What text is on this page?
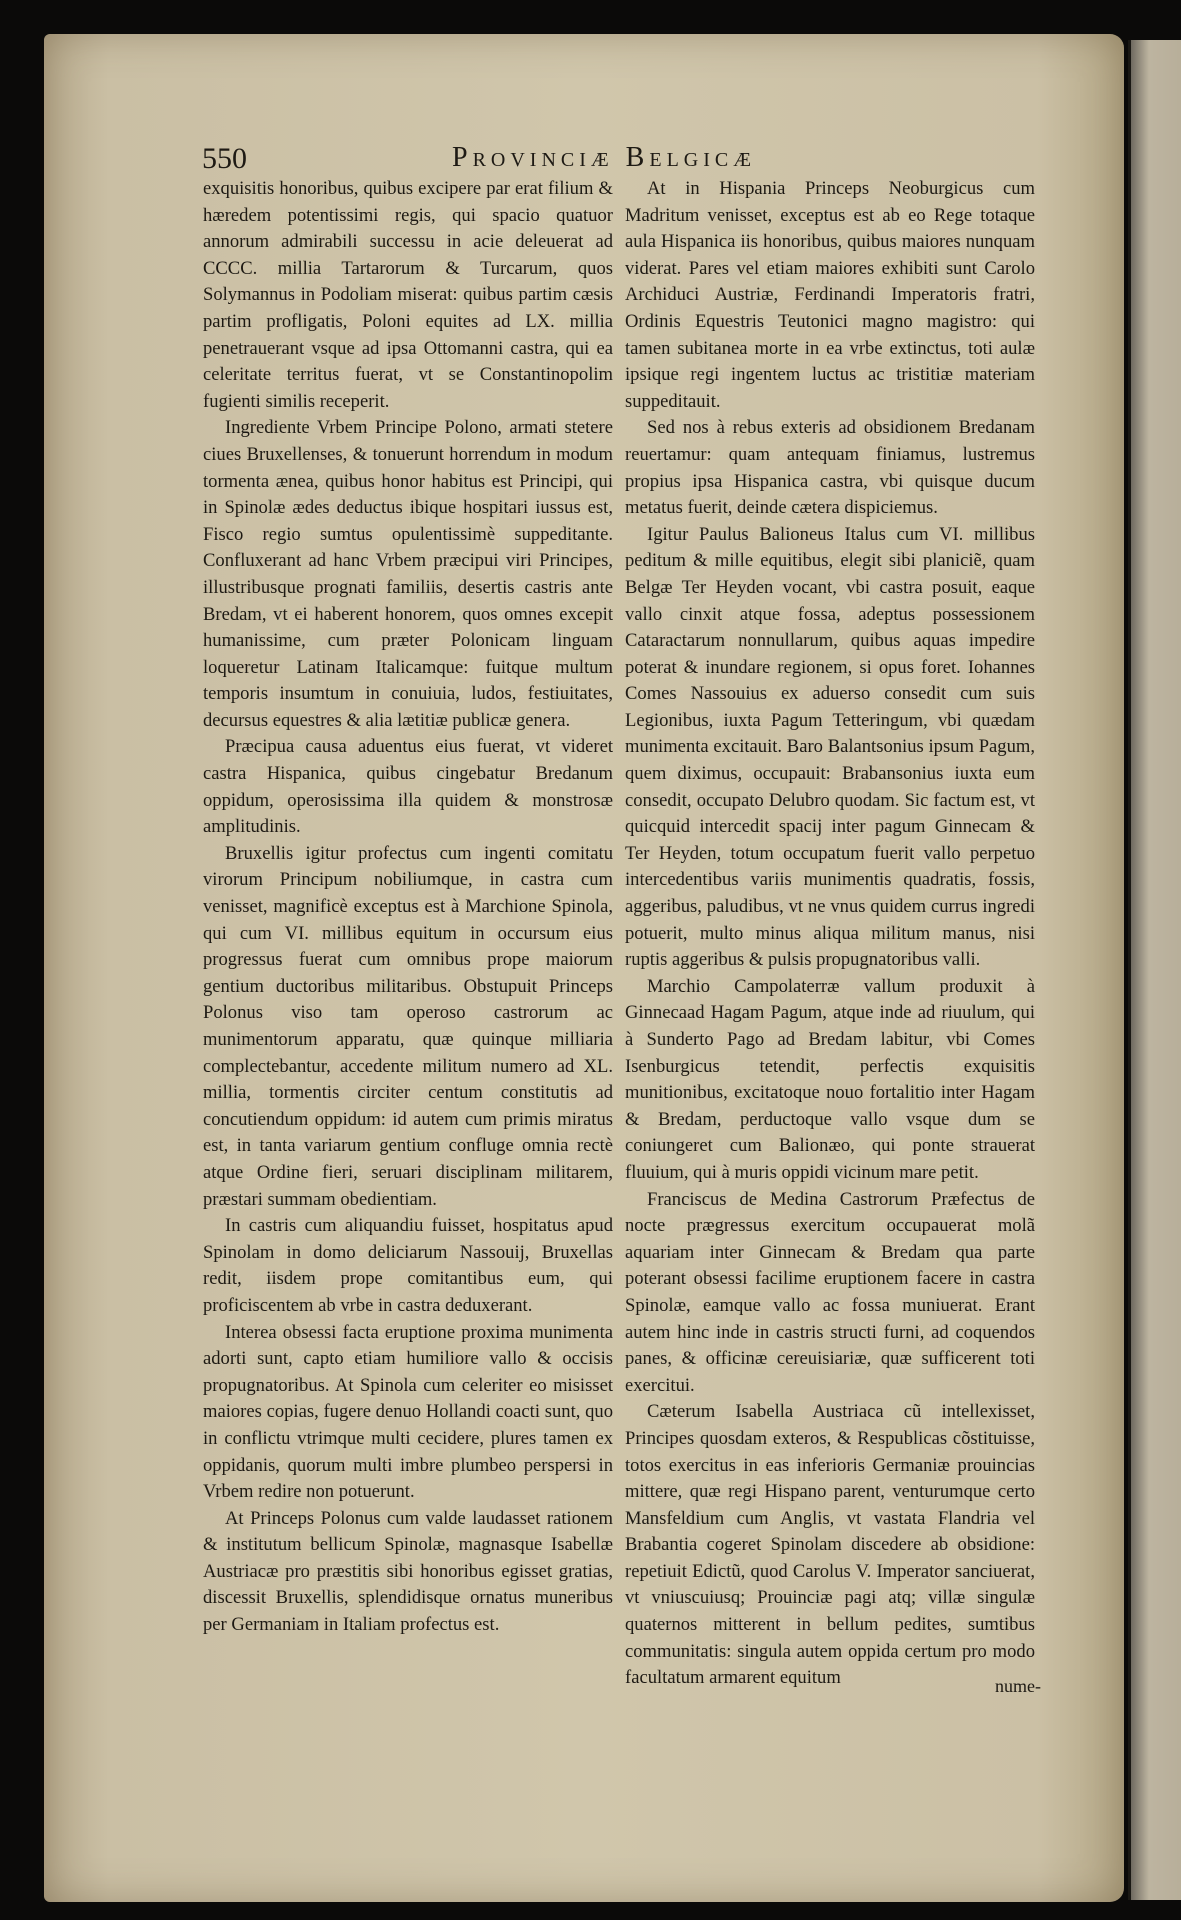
550	Provinciæ Belgicæ

exquisitis honoribus, quibus excipere par erat filium & hæredem potentissimi regis, qui spacio quatuor annorum admirabili successu in acie deleuerat ad CCCC. millia Tartarorum & Turcarum, quos Solymannus in Podoliam miserat: quibus partim cæsis partim profligatis, Poloni equites ad LX. millia penetrauerant vsque ad ipsa Ottomanni castra, qui ea celeritate territus fuerat, vt se Constantinopolim fugienti similis receperit.

Ingrediente Vrbem Principe Polono, armati stetere ciues Bruxellenses, & tonuerunt horrendum in modum tormenta ænea, quibus honor habitus est Principi, qui in Spinolæ ædes deductus ibique hospitari iussus est, Fisco regio sumtus opulentissimè suppeditante. Confluxerant ad hanc Vrbem præcipui viri Principes, illustribusque prognati familiis, desertis castris ante Bredam, vt ei haberent honorem, quos omnes excepit humanissime, cum præter Polonicam linguam loqueretur Latinam Italicamque: fuitque multum temporis insumtum in conuiuia, ludos, festiuitates, decursus equestres & alia lætitiæ publicæ genera.

Præcipua causa aduentus eius fuerat, vt videret castra Hispanica, quibus cingebatur Bredanum oppidum, operosissima illa quidem & monstrosæ amplitudinis.

Bruxellis igitur profectus cum ingenti comitatu virorum Principum nobiliumque, in castra cum venisset, magnificè exceptus est à Marchione Spinola, qui cum VI. millibus equitum in occursum eius progressus fuerat cum omnibus prope maiorum gentium ductoribus militaribus. Obstupuit Princeps Polonus viso tam operoso castrorum ac munimentorum apparatu, quæ quinque milliaria complectebantur, accedente militum numero ad XL. millia, tormentis circiter centum constitutis ad concutiendum oppidum: id autem cum primis miratus est, in tanta variarum gentium confluge omnia rectè atque Ordine fieri, seruari disciplinam militarem, præstari summam obedientiam.

In castris cum aliquandiu fuisset, hospitatus apud Spinolam in domo deliciarum Nassouij, Bruxellas redit, iisdem prope comitantibus eum, qui proficiscentem ab vrbe in castra deduxerant.

Interea obsessi facta eruptione proxima munimenta adorti sunt, capto etiam humiliore vallo & occisis propugnatoribus. At Spinola cum celeriter eo misisset maiores copias, fugere denuo Hollandi coacti sunt, quo in conflictu vtrimque multi cecidere, plures tamen ex oppidanis, quorum multi imbre plumbeo perspersi in Vrbem redire non potuerunt.

At Princeps Polonus cum valde laudasset rationem & institutum bellicum Spinolæ, magnasque Isabellæ Austriacæ pro præstitis sibi honoribus egisset gratias, discessit Bruxellis, splendidisque ornatus muneribus per Germaniam in Italiam profectus est.

At in Hispania Princeps Neoburgicus cum Madritum venisset, exceptus est ab eo Rege totaque aula Hispanica iis honoribus, quibus maiores nunquam viderat. Pares vel etiam maiores exhibiti sunt Carolo Archiduci Austriæ, Ferdinandi Imperatoris fratri, Ordinis Equestris Teutonici magno magistro: qui tamen subitanea morte in ea vrbe extinctus, toti aulæ ipsique regi ingentem luctus ac tristitiæ materiam suppeditauit.

Sed nos à rebus exteris ad obsidionem Bredanam reuertamur: quam antequam finiamus, lustremus propius ipsa Hispanica castra, vbi quisque ducum metatus fuerit, deinde cætera dispiciemus.

Igitur Paulus Balioneus Italus cum VI. millibus peditum & mille equitibus, elegit sibi planiciẽ, quam Belgæ Ter Heyden vocant, vbi castra posuit, eaque vallo cinxit atque fossa, adeptus possessionem Cataractarum nonnullarum, quibus aquas impedire poterat & inundare regionem, si opus foret. Iohannes Comes Nassouius ex aduerso consedit cum suis Legionibus, iuxta Pagum Tetteringum, vbi quædam munimenta excitauit. Baro Balantsonius ipsum Pagum, quem diximus, occupauit: Brabansonius iuxta eum consedit, occupato Delubro quodam. Sic factum est, vt quicquid intercedit spacij inter pagum Ginnecam & Ter Heyden, totum occupatum fuerit vallo perpetuo intercedentibus variis munimentis quadratis, fossis, aggeribus, paludibus, vt ne vnus quidem currus ingredi potuerit, multo minus aliqua militum manus, nisi ruptis aggeribus & pulsis propugnatoribus valli.

Marchio Campolaterræ vallum produxit à Ginnecaad Hagam Pagum, atque inde ad riuulum, qui à Sunderto Pago ad Bredam labitur, vbi Comes Isenburgicus tetendit, perfectis exquisitis munitionibus, excitatoque nouo fortalitio inter Hagam & Bredam, perductoque vallo vsque dum se coniungeret cum Balionæo, qui ponte strauerat fluuium, qui à muris oppidi vicinum mare petit.

Franciscus de Medina Castrorum Præfectus de nocte prægressus exercitum occupauerat molã aquariam inter Ginnecam & Bredam qua parte poterant obsessi facilime eruptionem facere in castra Spinolæ, eamque vallo ac fossa muniuerat. Erant autem hinc inde in castris structi furni, ad coquendos panes, & officinæ cereuisiariæ, quæ sufficerent toti exercitui.

Cæterum Isabella Austriaca cũ intellexisset, Principes quosdam exteros, & Respublicas cõstituisse, totos exercitus in eas inferioris Germaniæ prouincias mittere, quæ regi Hispano parent, venturumque certo Mansfeldium cum Anglis, vt vastata Flandria vel Brabantia cogeret Spinolam discedere ab obsidione: repetiuit Edictũ, quod Carolus V. Imperator sanciuerat, vt vniuscuiusq; Prouinciæ pagi atq; villæ singulæ quaternos mitterent in bellum pedites, sumtibus communitatis: singula autem oppida certum pro modo facultatum armarent equitum	nume-
